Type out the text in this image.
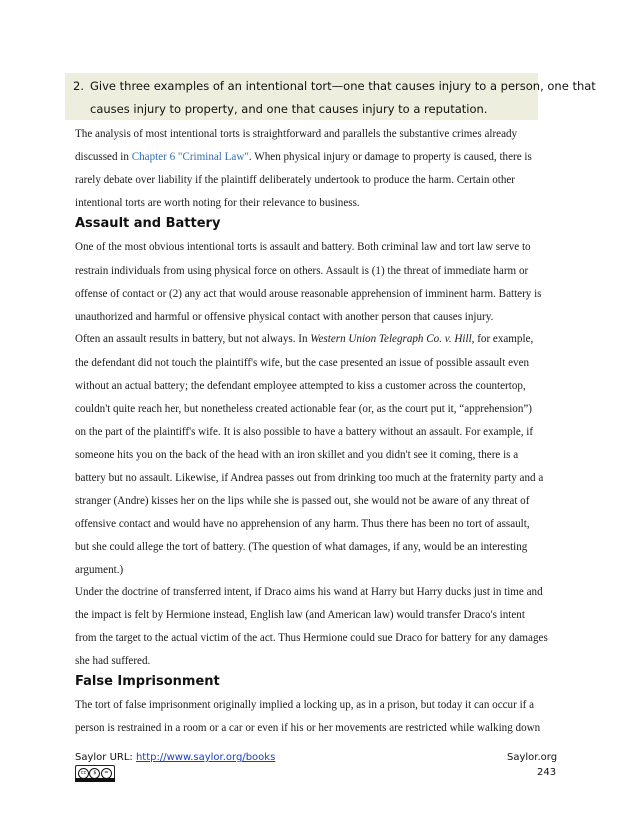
2. Give three examples of an intentional tort—one that causes injury to a person, one that
causes injury to property, and one that causes injury to a reputation.
The analysis of most intentional torts is straightforward and parallels the substantive crimes already
discussed in Chapter 6 "Criminal Law". When physical injury or damage to property is caused, there is
rarely debate over liability if the plaintiff deliberately undertook to produce the harm. Certain other
intentional torts are worth noting for their relevance to business.
Assault and Battery
One of the most obvious intentional torts is assault and battery. Both criminal law and tort law serve to
restrain individuals from using physical force on others. Assault is (1) the threat of immediate harm or
offense of contact or (2) any act that would arouse reasonable apprehension of imminent harm. Battery is
unauthorized and harmful or offensive physical contact with another person that causes injury.
Often an assault results in battery, but not always. In Western Union Telegraph Co. v. Hill, for example,
the defendant did not touch the plaintiff's wife, but the case presented an issue of possible assault even
without an actual battery; the defendant employee attempted to kiss a customer across the countertop,
couldn't quite reach her, but nonetheless created actionable fear (or, as the court put it, “apprehension”)
on the part of the plaintiff's wife. It is also possible to have a battery without an assault. For example, if
someone hits you on the back of the head with an iron skillet and you didn't see it coming, there is a
battery but no assault. Likewise, if Andrea passes out from drinking too much at the fraternity party and a
stranger (Andre) kisses her on the lips while she is passed out, she would not be aware of any threat of
offensive contact and would have no apprehension of any harm. Thus there has been no tort of assault,
but she could allege the tort of battery. (The question of what damages, if any, would be an interesting
argument.)
Under the doctrine of transferred intent, if Draco aims his wand at Harry but Harry ducks just in time and
the impact is felt by Hermione instead, English law (and American law) would transfer Draco's intent
from the target to the actual victim of the act. Thus Hermione could sue Draco for battery for any damages
she had suffered.
False Imprisonment
The tort of false imprisonment originally implied a locking up, as in a prison, but today it can occur if a
person is restrained in a room or a car or even if his or her movements are restricted while walking down
Saylor URL: http://www.saylor.org/books	Saylor.org
243
cc	$	=
